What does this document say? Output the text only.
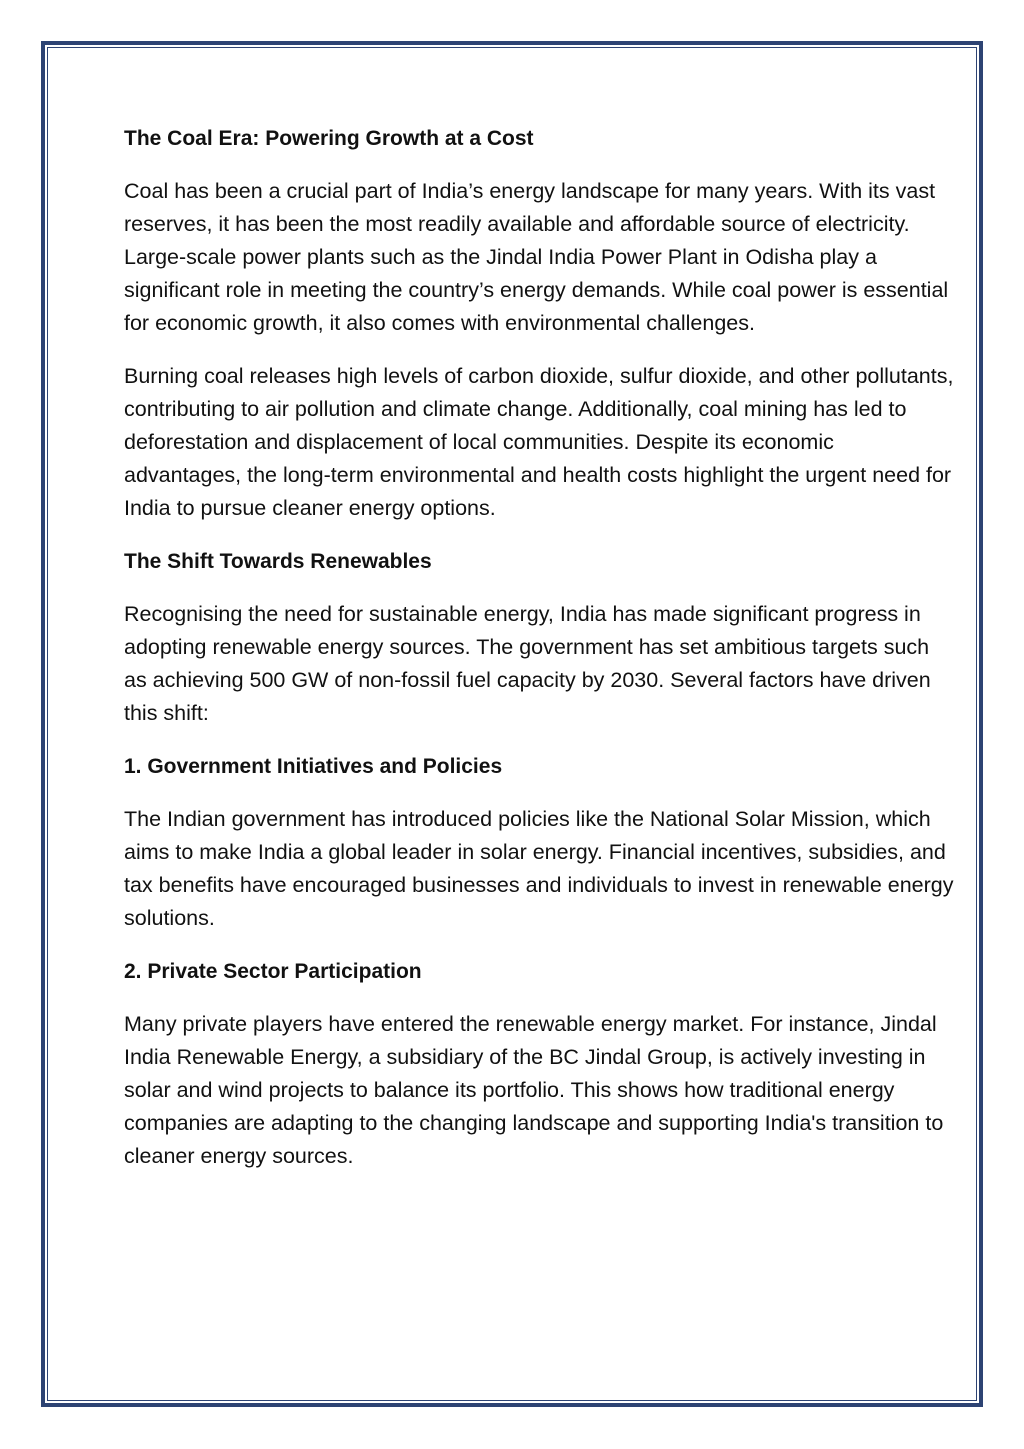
The Coal Era: Powering Growth at a Cost

Coal has been a crucial part of India’s energy landscape for many years. With its vast reserves, it has been the most readily available and affordable source of electricity. Large-scale power plants such as the Jindal India Power Plant in Odisha play a significant role in meeting the country’s energy demands. While coal power is essential for economic growth, it also comes with environmental challenges.

Burning coal releases high levels of carbon dioxide, sulfur dioxide, and other pollutants, contributing to air pollution and climate change. Additionally, coal mining has led to deforestation and displacement of local communities. Despite its economic advantages, the long-term environmental and health costs highlight the urgent need for India to pursue cleaner energy options.

The Shift Towards Renewables

Recognising the need for sustainable energy, India has made significant progress in adopting renewable energy sources. The government has set ambitious targets such as achieving 500 GW of non-fossil fuel capacity by 2030. Several factors have driven this shift:

1. Government Initiatives and Policies

The Indian government has introduced policies like the National Solar Mission, which aims to make India a global leader in solar energy. Financial incentives, subsidies, and tax benefits have encouraged businesses and individuals to invest in renewable energy solutions.

2. Private Sector Participation

Many private players have entered the renewable energy market. For instance, Jindal India Renewable Energy, a subsidiary of the BC Jindal Group, is actively investing in solar and wind projects to balance its portfolio. This shows how traditional energy companies are adapting to the changing landscape and supporting India's transition to cleaner energy sources.
